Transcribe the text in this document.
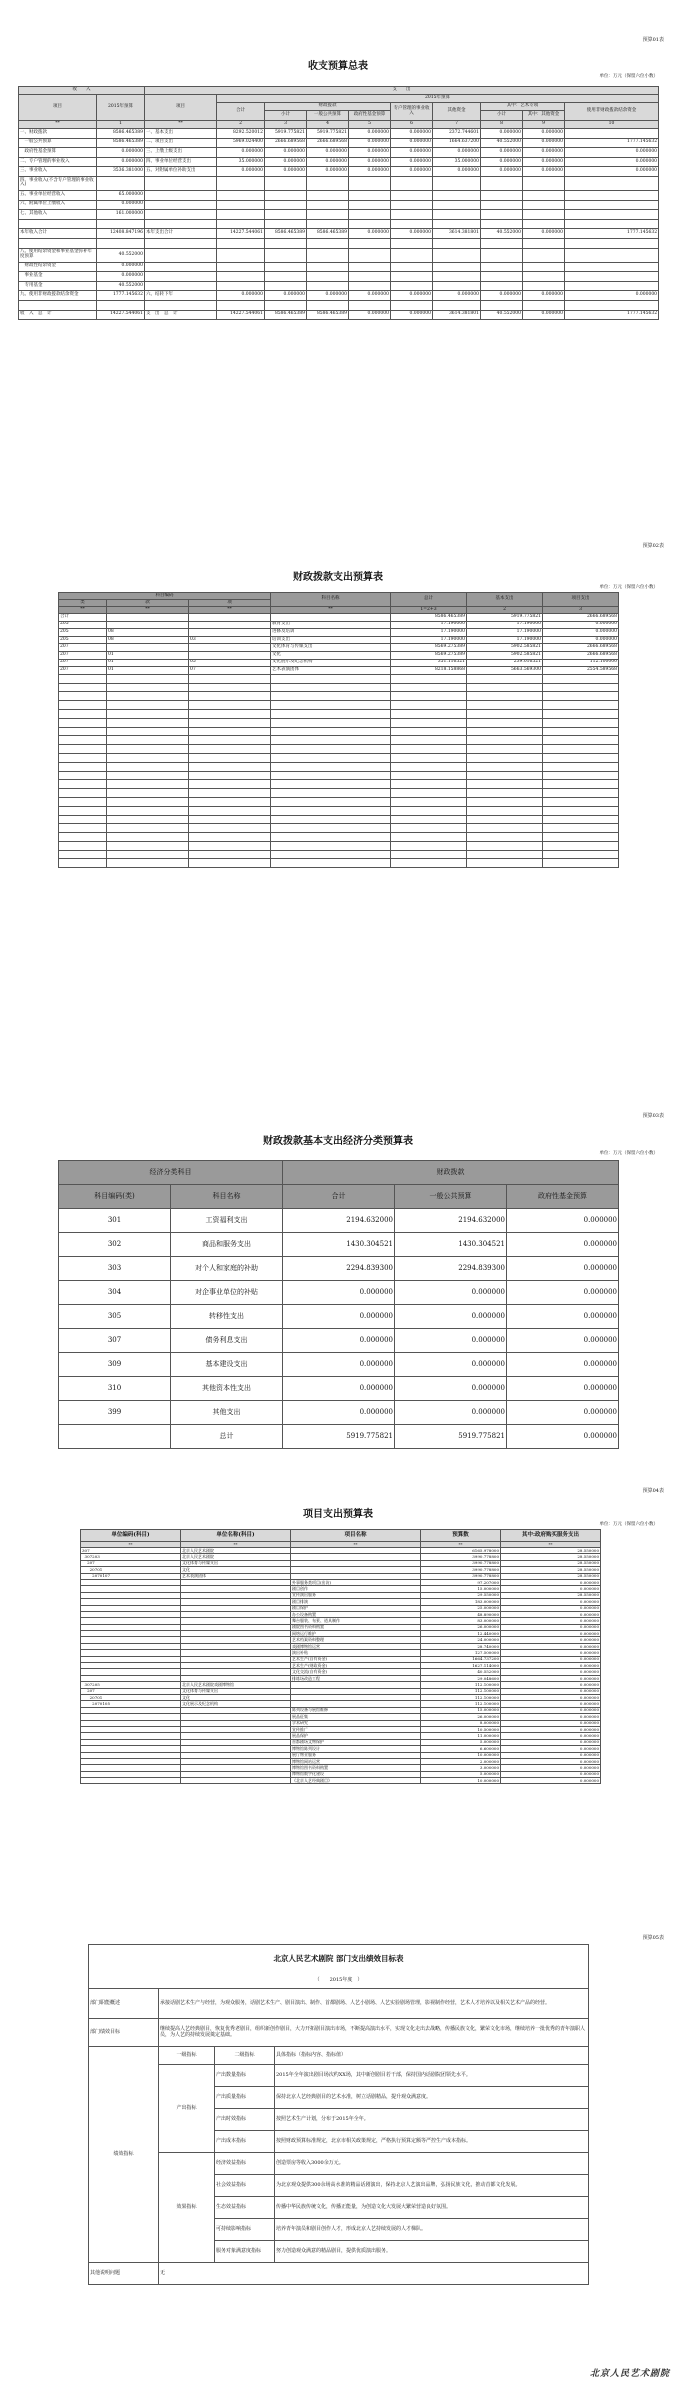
预算01表
收支预算总表
单位：万元（保留六位小数）
收　　入		支　　出									
项目	2015年预算	项目	2015年预算								
			合计	财政拨款			专户管理的事业收入	其他资金	其中：艺术专项		使用非财政拨款结余资金
				小计	一般公共预算	政府性基金预算			小计	其中：其他资金	
**	1	**	2	3	4	5	6	7	8	9	10
一、财政拨款	8586.465389	一、基本支出	8292.520012	5919.775821	5919.775821	0.000000	0.000000	2372.744601	0.000000	0.000000	
　一般公共预算	8586.465389	二、项目支出	5969.024400	2666.689568	2666.689568	0.000000	0.000000	1664.637200	40.552000	0.000000	1777.145632
　政府性基金预算	0.000000	三、上缴上级支出	0.000000	0.000000	0.000000	0.000000	0.000000	0.000000	0.000000	0.000000	0.000000
二、专户管理的事业收入	0.000000	四、事业单位经营支出	35.000000	0.000000	0.000000	0.000000	0.000000	35.000000	0.000000	0.000000	0.000000
三、事业收入	3536.381000	五、对附属单位补助支出	0.000000	0.000000	0.000000	0.000000	0.000000	0.000000	0.000000	0.000000	0.000000
四、事业收入(不含专户管理的事业收入)											
五、事业单位经营收入	65.000000										
六、附属单位上缴收入	0.000000										
七、其他收入	161.000000										

本年收入合计	12408.847196	本年支出合计	14227.544061	8586.465389	8586.465389	0.000000	0.000000	3614.381801	40.552000	0.000000	1777.145632

八、使用结余资金和事业基金弥补年度预算	40.552000										
　财政性结余资金	0.000000										
　事业基金	0.000000										
　专用基金	40.552000										
九、使用非财政拨款结余资金	1777.145632	六、结转下年	0.000000	0.000000	0.000000	0.000000	0.000000	0.000000	0.000000	0.000000	0.000000

收　入　总　计	14227.544061	支　出　总　计	14227.544061	8586.465389	8586.465389	0.000000	0.000000	3614.381801	40.552000	0.000000	1777.145632
预算02表
财政拨款支出预算表
单位：万元（保留六位小数）
科目编码			科目名称	总计	基本支出	项目支出
类	款	项				
**	**	**	**	1=2+3	2	3
合计				8586.465389	5919.775821	2666.689568
205			教育支出	17.190000	17.190000	0.000000
205	08		进修及培训	17.190000	17.190000	0.000000
205	08	03	培训支出	17.190000	17.190000	0.000000
207			文化体育与传媒支出	8569.275389	5902.585821	2666.689568
207	01		文化	8569.275389	5902.585821	2666.689568
207	01	05	文化展示及纪念机构	351.116521	239.016521	112.100000
207	01	07	艺术表演团体	8218.158868	5663.569300	2554.589568

预算03表
财政拨款基本支出经济分类预算表
单位：万元（保留六位小数）
经济分类科目		财政拨款		
科目编码(类)	科目名称	合计	一般公共预算	政府性基金预算
301	工资福利支出	2194.632000	2194.632000	0.000000
302	商品和服务支出	1430.304521	1430.304521	0.000000
303	对个人和家庭的补助	2294.839300	2294.839300	0.000000
304	对企事业单位的补贴	0.000000	0.000000	0.000000
305	转移性支出	0.000000	0.000000	0.000000
307	债务利息支出	0.000000	0.000000	0.000000
309	基本建设支出	0.000000	0.000000	0.000000
310	其他资本性支出	0.000000	0.000000	0.000000
399	其他支出	0.000000	0.000000	0.000000
	总计	5919.775821	5919.775821	0.000000
预算04表
项目支出预算表
单位：万元（保留六位小数）
单位编码(科目)	单位名称(科目)	项目名称	预算数	其中:政府购买服务支出
**	**	**	**	**
307	北京人民艺术剧院		6165.978000	28.550000
307203	北京人民艺术剧院		3990.778800	28.550000
207	文化体育与传媒支出		3990.778800	28.550000
20701	文化		3990.778800	28.550000
2070107	艺术表演团体		3990.778800	28.550000
		外事服务类项目(出访)	97.207000	0.000000
		剧目创作	15.000000	0.000000
		宣传演出服务	29.550000	28.550000
		剧目排演	183.000000	0.000000
		剧目保护	25.000000	0.000000
		办公设备购置	48.890000	0.000000
		舞台服装、布景、道具制作	83.000000	0.000000
		剧院图书资料购置	26.000000	0.000000
		网络运行维护	12.440000	0.000000
		艺术档案资料整理	24.000000	0.000000
		戏剧博物馆运营	28.740000	0.000000
		演出补贴	127.500000	0.000000
		艺术生产(自有资金)	1664.737200	0.000000
		艺术生产(财政资金)	1627.114000	0.000000
		文化交流(自有资金)	40.552000	0.000000
		排练场改造工程	29.048600	0.000000
307205	北京人民艺术剧院戏剧博物馆		112.100000	0.000000
207	文化体育与传媒支出		112.100000	0.000000
20701	文化		112.100000	0.000000
2070105	文化展示及纪念机构		112.100000	0.000000
		陈列设备与展馆维修	15.000000	0.000000
		展品征集	26.000000	0.000000
		学术研究	8.000000	0.000000
		宣传推广	10.500000	0.000000
		展品保护	11.000000	0.000000
		首都剧场文物保护	5.000000	0.000000
		博物馆陈列设计	6.600000	0.000000
		展厅物业服务	10.000000	0.000000
		博物馆网站运营	2.000000	0.000000
		博物馆图书资料购置	3.000000	0.000000
		博物馆数字化建设	5.000000	0.000000
		《北京人艺经典剧目》	10.000000	0.000000
预算05表
北京人民艺术剧院 部门支出绩效目标表			
（　　2015年度　）			
部门职能概述	承接话剧艺术生产与经营，为观众服务，话剧艺术生产、剧目演出、制作、首都剧场、人艺小剧场、人艺实验剧场管理，影视制作经营，艺术人才培养以及相关艺术产品的经营。		
部门绩效目标	继续提高人艺经典剧目，恢复优秀老剧目，组织新创作剧目，大力开拓剧目演出市场，不断提高演出水平，实现文化走出去战略，传播民族文化，繁荣文化市场，继续培养一批优秀的青年演职人员，为人艺的持续发展奠定基础。		
绩效指标	一级指标	二级指标	具体指标（指标内容、指标值）
	产出指标	产出数量指标	2015年全年演出剧目场次约XX场，其中新创剧目若干部，保持国内话剧院团领先水平。
		产出质量指标	保持北京人艺经典剧目的艺术水准，树立话剧精品，提升观众满意度。
		产出时效指标	按照艺术生产计划，分布于2015年全年。
		产出成本指标	按照财政预算标准规定，北京市相关政策规定，严格执行预算定额等严控生产成本指标。
	效果指标	经济效益指标	创造票房等收入3000余万元。
		社会效益指标	为北京观众提供300余场高水准的精品话剧演出，保持北京人艺演出品牌，弘扬民族文化，推动首都文化发展。
		生态效益指标	传播中华民族传统文化，传播正能量，为创造文化大发展大繁荣营造良好氛围。
		可持续影响指标	培养青年演员和剧目创作人才，形成北京人艺持续发展的人才梯队。
		服务对象满意度指标	努力创造观众满意的精品剧目，提供优质演出服务。
其他说明问题	无		
北京人民艺术剧院
